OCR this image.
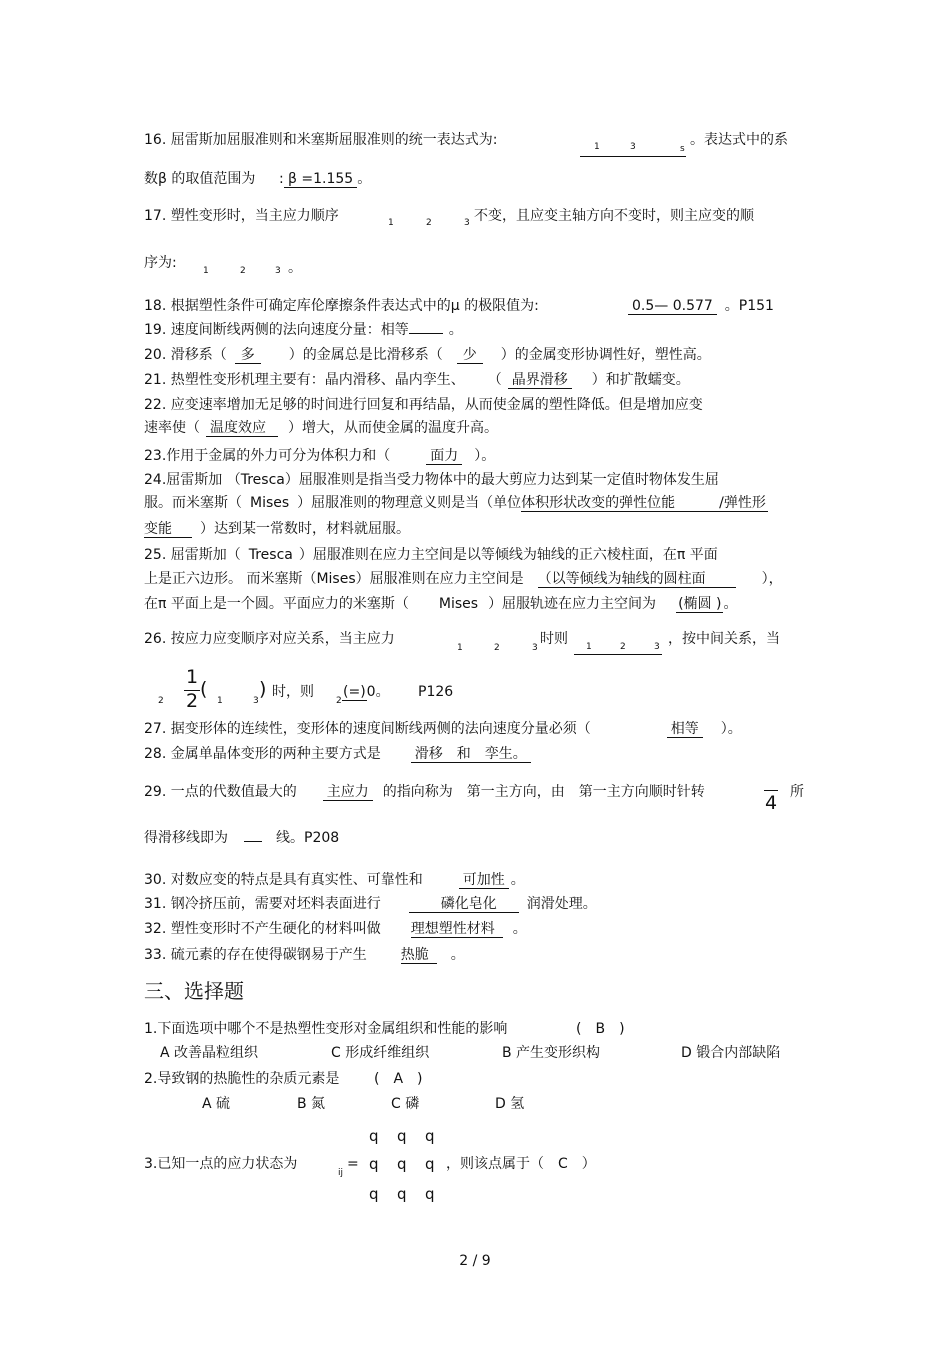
16. 屈雷斯加屈服准则和米塞斯屈服准则的统一表达式为:	1	3	s
。表达式中的系
数β 的取值范围为 : β =1.155 。
17. 塑性变形时，当主应力顺序	1	2	3 不变，且应变主轴方向不变时，则主应变的顺
序为:	1	2	3 。
18. 根据塑性条件可确定库伦摩擦条件表达式中的μ 的极限值为:	0.5— 0.577 。P151
19. 速度间断线两侧的法向速度分量：相等	。
20. 滑移系（ 多 ）的金属总是比滑移系（ 少 ）的金属变形协调性好，塑性高。
21. 热塑性变形机理主要有：晶内滑移、晶内孪生、 （ 晶界滑移 ）和扩散蠕变。
22. 应变速率增加无足够的时间进行回复和再结晶，从而使金属的塑性降低。但是增加应变
速率使（ 温度效应 ）增大，从而使金属的温度升高。
23.作用于金属的外力可分为体积力和（	面力 ）。
24.屈雷斯加 （Tresca）屈服准则是指当受力物体中的最大剪应力达到某一定值时物体发生屈
服。而米塞斯（ Mises ）屈服准则的物理意义则是当（单位体积形状改变的弹性位能	/弹性形
变能 ）达到某一常数时，材料就屈服。
25. 屈雷斯加（ Tresca ）屈服准则在应力主空间是以等倾线为轴线的正六棱柱面，在π 平面
上是正六边形。 而米塞斯（Mises）屈服准则在应力主空间是 （以等倾线为轴线的圆柱面	），
在π 平面上是一个圆。平面应力的米塞斯（ Mises ）屈服轨迹在应力主空间为 (椭圆 ) 。
26. 按应力应变顺序对应关系，当主应力
1	2	3
时则 1	2	3 ，按中间关系，当
2
1
2
(
1	3
) 时，则
2
(=)0。 P126
27. 据变形体的连续性，变形体的速度间断线两侧的法向速度分量必须（	相等 ）。
28. 金属单晶体变形的两种主要方式是 滑移　和　孪生。
29. 一点的代数值最大的 主应力 的指向称为　第一主方向，由　第一主方向顺时针转	4 所
得滑移线即为	线。P208
30. 对数应变的特点是具有真实性、可靠性和	可加性 。
31. 钢冷挤压前，需要对坯料表面进行	磷化皂化 润滑处理。
32. 塑性变形时不产生硬化的材料叫做 理想塑性材料 。
33. 硫元素的存在使得碳钢易于产生 热脆 。
三、选择题
1.下面选项中哪个不是热塑性变形对金属组织和性能的影响	(　B　)
A 改善晶粒组织	C 形成纤维组织	B 产生变形织构	D 锻合内部缺陷
2.导致钢的热脆性的杂质元素是 (　A　)
A 硫	B 氮	C 磷	D 氢
3.已知一点的应力状态为
ij
=
q q q
q q q
q q q
，则该点属于（　C　）
2 / 9
